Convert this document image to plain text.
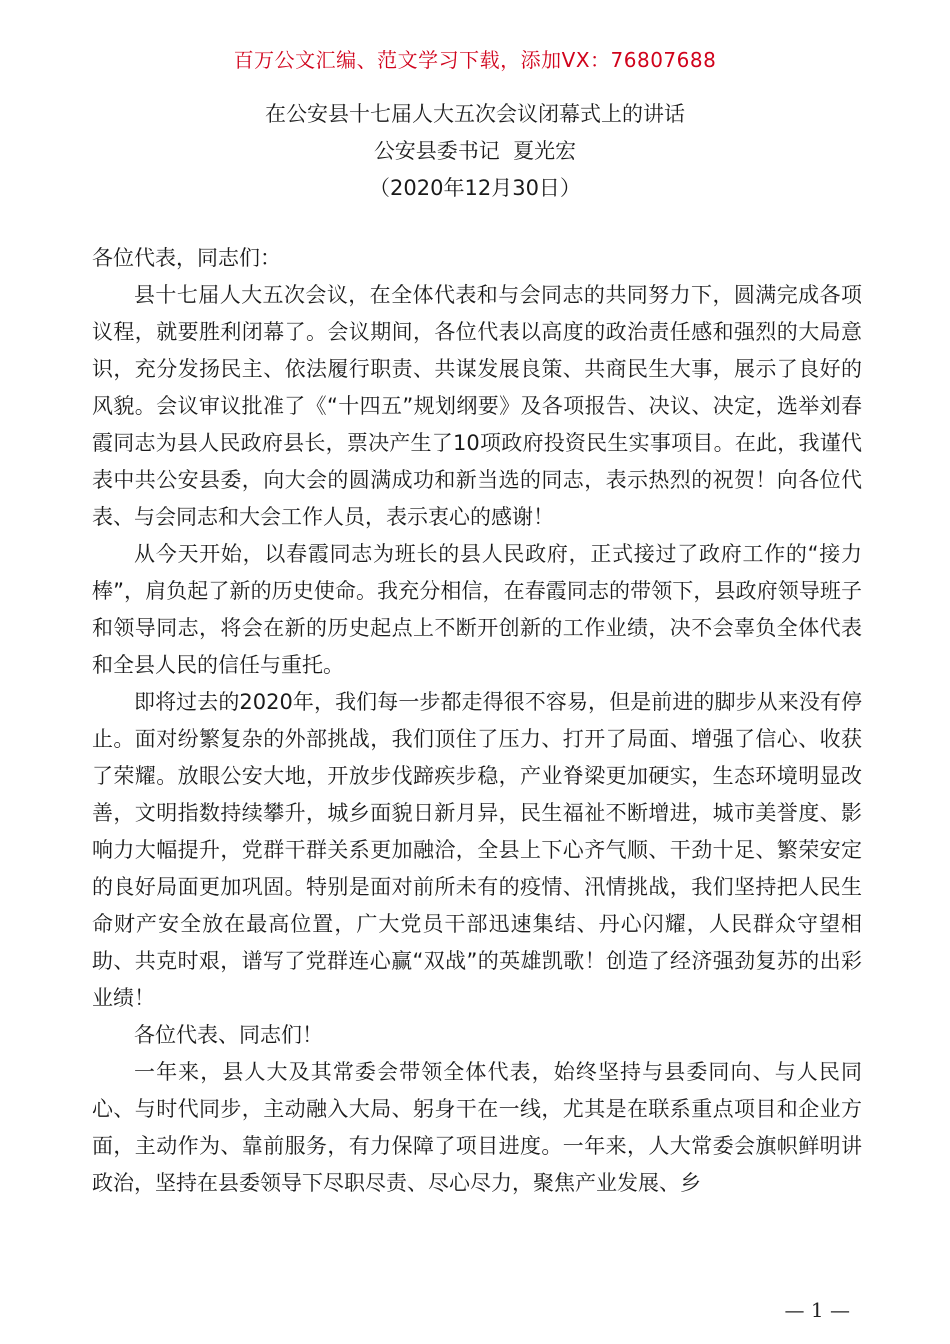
百万公文汇编、范文学习下载，添加VX：76807688
在公安县十七届人大五次会议闭幕式上的讲话
公安县委书记  夏光宏
（2020年12月30日）

各位代表，同志们：

县十七届人大五次会议，在全体代表和与会同志的共同努力下，圆满完成各项议程，就要胜利闭幕了。会议期间，各位代表以高度的政治责任感和强烈的大局意识，充分发扬民主、依法履行职责、共谋发展良策、共商民生大事，展示了良好的风貌。会议审议批准了《“十四五”规划纲要》及各项报告、决议、决定，选举刘春霞同志为县人民政府县长，票决产生了10项政府投资民生实事项目。在此，我谨代表中共公安县委，向大会的圆满成功和新当选的同志，表示热烈的祝贺！向各位代表、与会同志和大会工作人员，表示衷心的感谢！

从今天开始，以春霞同志为班长的县人民政府，正式接过了政府工作的“接力棒”，肩负起了新的历史使命。我充分相信，在春霞同志的带领下，县政府领导班子和领导同志，将会在新的历史起点上不断开创新的工作业绩，决不会辜负全体代表和全县人民的信任与重托。

即将过去的2020年，我们每一步都走得很不容易，但是前进的脚步从来没有停止。面对纷繁复杂的外部挑战，我们顶住了压力、打开了局面、增强了信心、收获了荣耀。放眼公安大地，开放步伐蹄疾步稳，产业脊梁更加硬实，生态环境明显改善，文明指数持续攀升，城乡面貌日新月异，民生福祉不断增进，城市美誉度、影响力大幅提升，党群干群关系更加融洽，全县上下心齐气顺、干劲十足、繁荣安定的良好局面更加巩固。特别是面对前所未有的疫情、汛情挑战，我们坚持把人民生命财产安全放在最高位置，广大党员干部迅速集结、丹心闪耀，人民群众守望相助、共克时艰，谱写了党群连心赢“双战”的英雄凯歌！创造了经济强劲复苏的出彩业绩！

各位代表、同志们！

一年来，县人大及其常委会带领全体代表，始终坚持与县委同向、与人民同心、与时代同步，主动融入大局、躬身干在一线，尤其是在联系重点项目和企业方面，主动作为、靠前服务，有力保障了项目进度。一年来，人大常委会旗帜鲜明讲政治，坚持在县委领导下尽职尽责、尽心尽力，聚焦产业发展、乡

— 1 —
